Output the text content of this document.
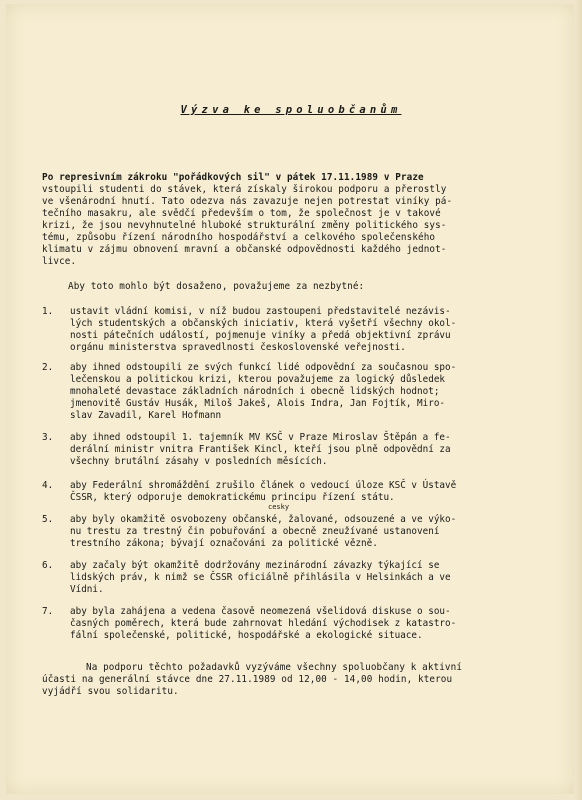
Výzva ke spoluobčanům
Po represivním zákroku "pořádkových sil" v pátek 17.11.1989 v Praze
vstoupili studenti do stávek, která získaly širokou podporu a přerostly
ve všenárodní hnutí. Tato odezva nás zavazuje nejen potrestat viníky pá-
tečního masakru, ale svědčí především o tom, že společnost je v takové
krizi, že jsou nevyhnutelné hluboké strukturální změny politického sys-
tému, způsobu řízení národního hospodářství a celkového společenského
klimatu v zájmu obnovení mravní a občanské odpovědnosti každého jednot-
livce.
Aby toto mohlo být dosaženo, považujeme za nezbytné:
1. ustavit vládní komisi, v níž budou zastoupeni představitelé nezávis-
lých studentských a občanských iniciativ, která vyšetří všechny okol-
nosti pátečních událostí, pojmenuje viníky a předá objektivní zprávu
orgánu ministerstva spravedlnosti československé veřejnosti.
2. aby ihned odstoupili ze svých funkcí lidé odpovědní za současnou spo-
lečenskou a politickou krizi, kterou považujeme za logický důsledek
mnohaleté devastace základních národních i obecně lidských hodnot;
jmenovitě Gustáv Husák, Miloš Jakeš, Alois Indra, Jan Fojtík, Miro-
slav Zavadil, Karel Hofmann
3. aby ihned odstoupil 1. tajemník MV KSČ v Praze Miroslav Štěpán a fe-
derální ministr vnitra František Kincl, kteří jsou plně odpovědní za
všechny brutální zásahy v posledních měsících.
4. aby Federální shromáždění zrušilo článek o vedoucí úloze KSČ v Ústavě
ČSSR, který odporuje demokratickému principu řízení státu.
cesky
5. aby byly okamžitě osvobozeny občanské, žalované, odsouzené a ve výko-
nu trestu za trestný čin pobuřování a obecně zneužívané ustanovení
trestního zákona; bývají označováni za politické vězně.
6. aby začaly být okamžitě dodržovány mezinárodní závazky týkající se
lidských práv, k nimž se ČSSR oficiálně přihlásila v Helsinkách a ve
Vídni.
7. aby byla zahájena a vedena časově neomezená všelidová diskuse o sou-
časných poměrech, která bude zahrnovat hledání východisek z katastro-
fální společenské, politické, hospodářské a ekologické situace.
Na podporu těchto požadavků vyzýváme všechny spoluobčany k aktivní
účasti na generální stávce dne 27.11.1989 od 12,00 - 14,00 hodin, kterou
vyjádří svou solidaritu.
